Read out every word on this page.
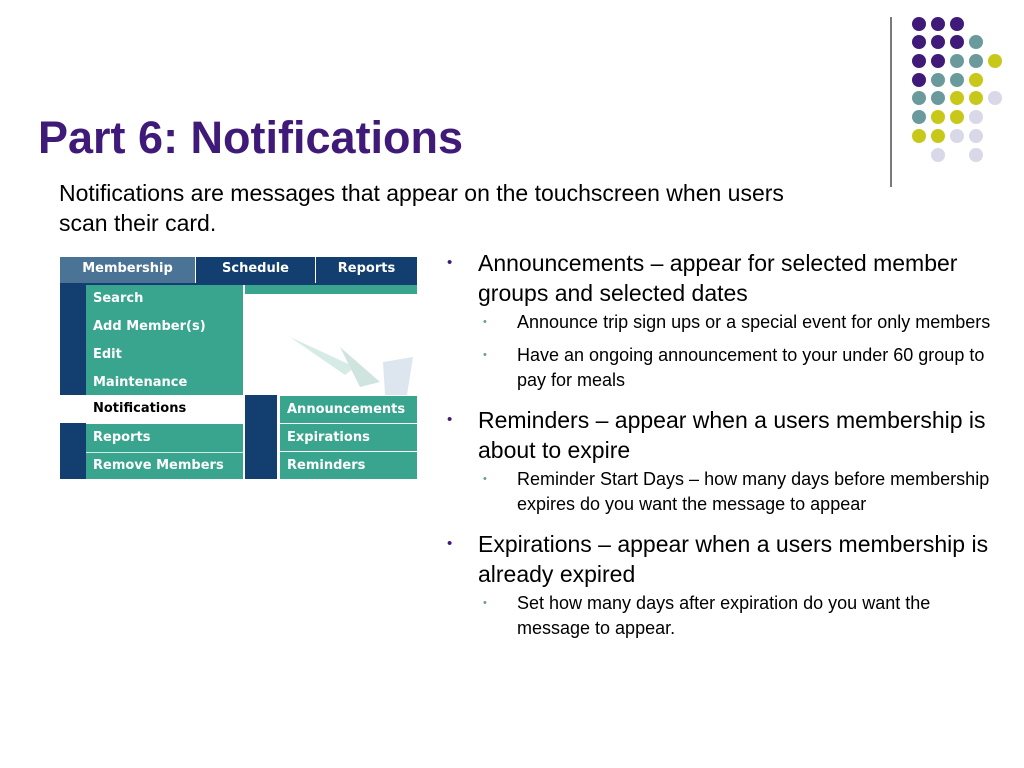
Part 6: Notifications

Notifications are messages that appear on the touchscreen when users scan their card.

Membership	Schedule	Reports
Search
Add Member(s)
Edit
Maintenance
Notifications
Reports
Remove Members
Announcements
Expirations
Reminders
• Announcements – appear for selected member groups and selected dates
• Announce trip sign ups or a special event for only members
• Have an ongoing announcement to your under 60 group to pay for meals
• Reminders – appear when a users membership is about to expire
• Reminder Start Days – how many days before membership expires do you want the message to appear
• Expirations – appear when a users membership is already expired
• Set how many days after expiration do you want the message to appear.
